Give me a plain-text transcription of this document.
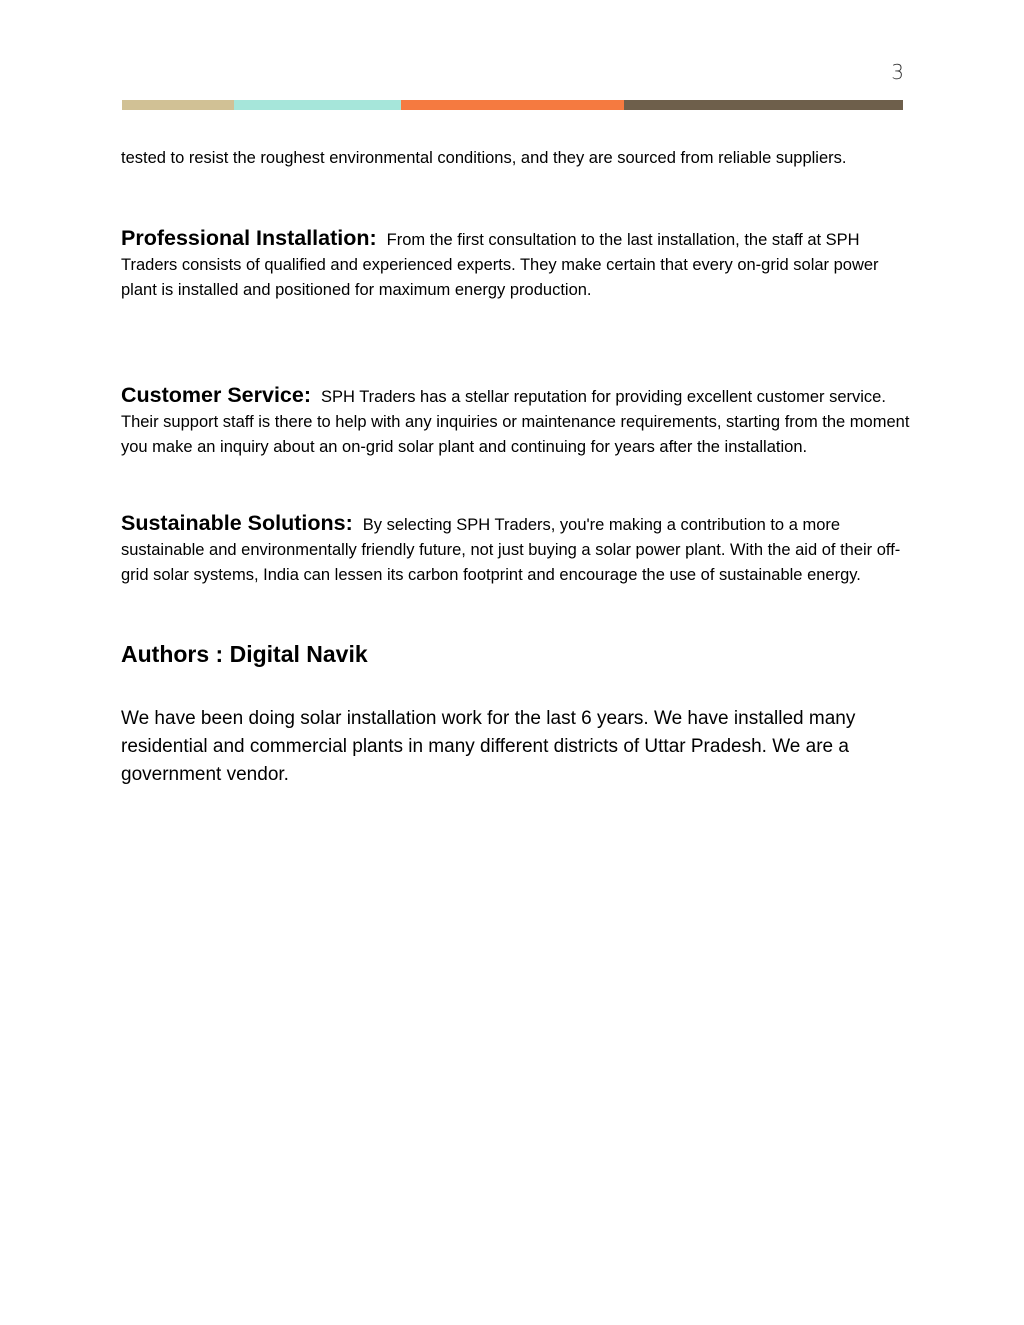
3

tested to resist the roughest environmental conditions, and they are sourced from reliable suppliers.

Professional Installation: From the first consultation to the last installation, the staff at SPH Traders consists of qualified and experienced experts. They make certain that every on-grid solar power plant is installed and positioned for maximum energy production.

Customer Service: SPH Traders has a stellar reputation for providing excellent customer service. Their support staff is there to help with any inquiries or maintenance requirements, starting from the moment you make an inquiry about an on-grid solar plant and continuing for years after the installation.

Sustainable Solutions: By selecting SPH Traders, you're making a contribution to a more sustainable and environmentally friendly future, not just buying a solar power plant. With the aid of their off-grid solar systems, India can lessen its carbon footprint and encourage the use of sustainable energy.

Authors : Digital Navik

We have been doing solar installation work for the last 6 years. We have installed many residential and commercial plants in many different districts of Uttar Pradesh. We are a government vendor.
